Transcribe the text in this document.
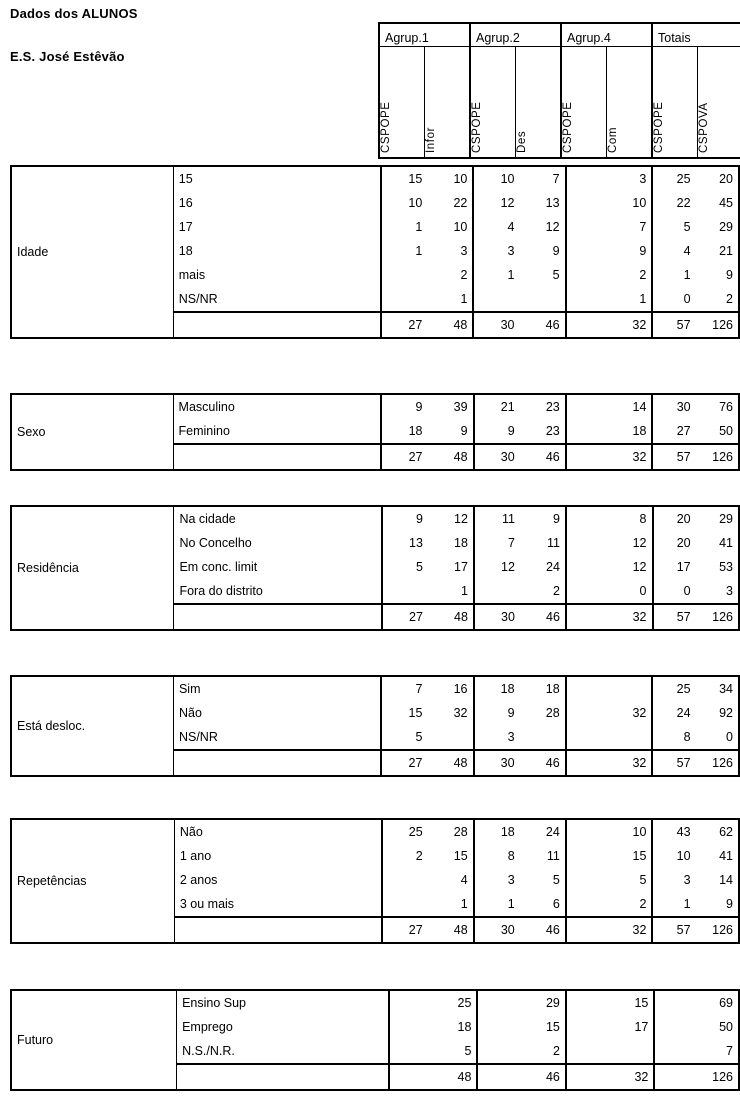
Dados dos ALUNOS
E.S. José Estêvão
Agrup.1		Agrup.2		Agrup.4		Totais	

CSPOPE	Infor	CSPOPE	Des	CSPOPE	Com	CSPOPE	CSPOVA
Idade	15	15	10	10	7	3	25	20
	16	10	22	12	13	10	22	45
	17	1	10	4	12	7	5	29
	18	1	3	3	9	9	4	21
	mais		2	1	5	2	1	9
	NS/NR		1			1	0	2
		27	48	30	46	32	57	126
Sexo	Masculino	9	39	21	23	14	30	76
	Feminino	18	9	9	23	18	27	50
		27	48	30	46	32	57	126
Residência	Na cidade	9	12	11	9	8	20	29
	No Concelho	13	18	7	11	12	20	41
	Em conc. limit	5	17	12	24	12	17	53
	Fora do distrito		1		2	0	0	3
		27	48	30	46	32	57	126
Está desloc.	Sim	7	16	18	18		25	34
	Não	15	32	9	28	32	24	92
	NS/NR	5		3			8	0
		27	48	30	46	32	57	126
Repetências	Não	25	28	18	24	10	43	62
	1 ano	2	15	8	11	15	10	41
	2 anos		4	3	5	5	3	14
	3 ou mais		1	1	6	2	1	9
		27	48	30	46	32	57	126
Futuro	Ensino Sup	25	29	15	69
	Emprego	18	15	17	50
	N.S./N.R.	5	2		7
		48	46	32	126
